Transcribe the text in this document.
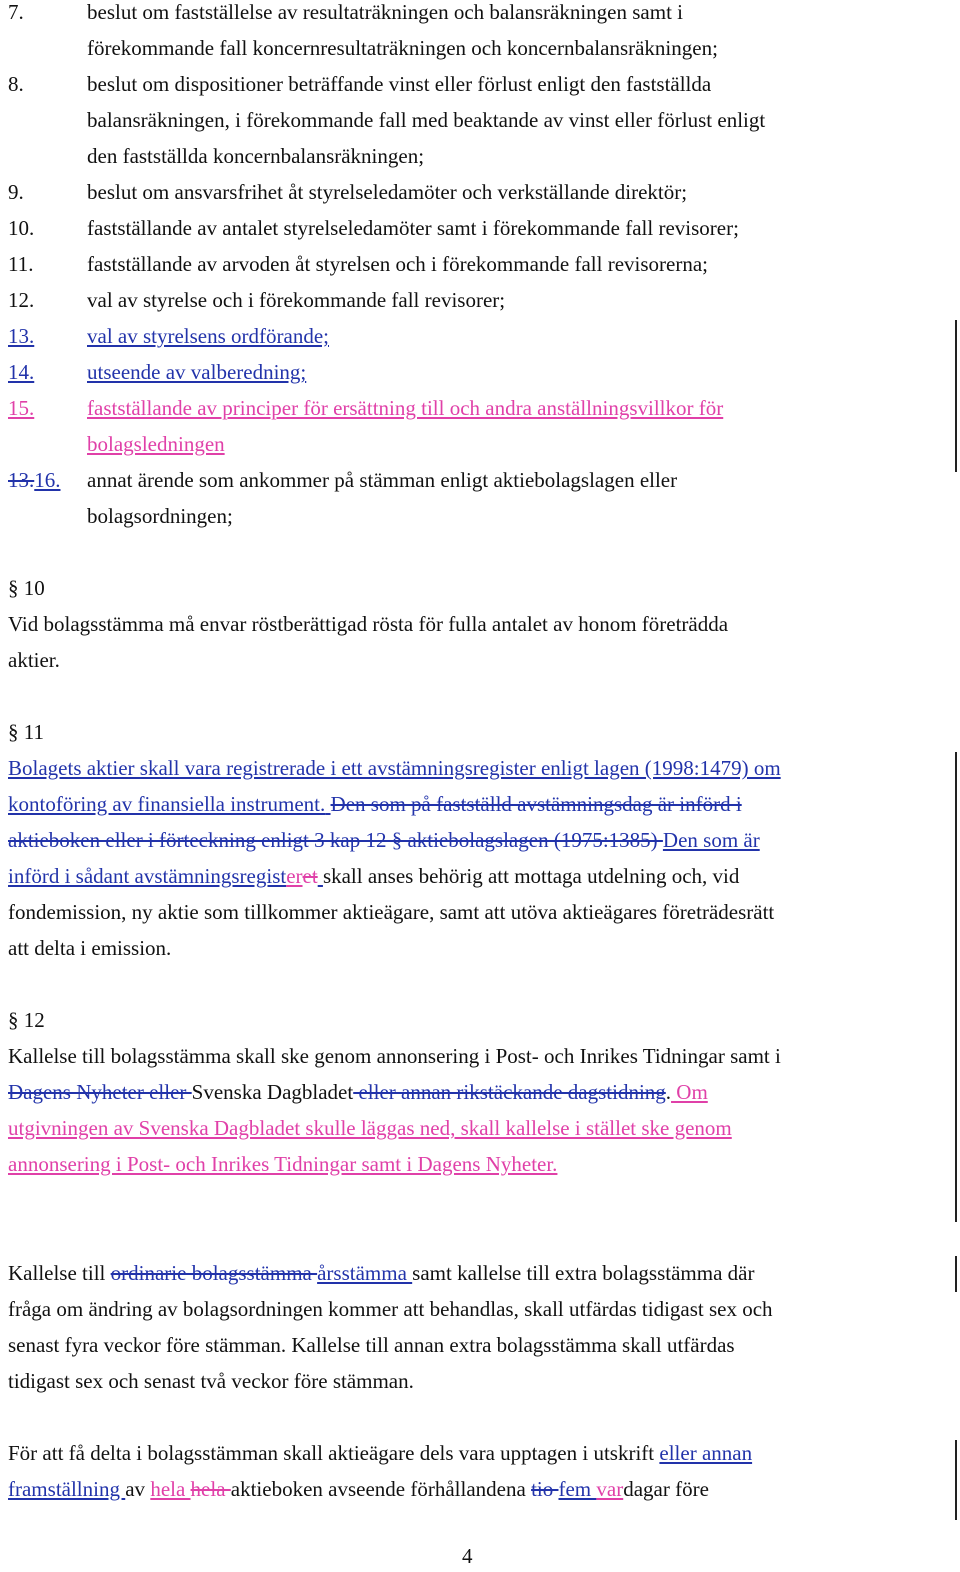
7.	beslut om fastställelse av resultaträkningen och balansräkningen samt i
förekommande fall koncernresultaträkningen och koncernbalansräkningen;
8.	beslut om dispositioner beträffande vinst eller förlust enligt den fastställda
balansräkningen, i förekommande fall med beaktande av vinst eller förlust enligt
den fastställda koncernbalansräkningen;
9.	beslut om ansvarsfrihet åt styrelseledamöter och verkställande direktör;
10.	fastställande av antalet styrelseledamöter samt i förekommande fall revisorer;
11.	fastställande av arvoden åt styrelsen och i förekommande fall revisorerna;
12.	val av styrelse och i förekommande fall revisorer;
13.	val av styrelsens ordförande;
14.	utseende av valberedning;
15.	fastställande av principer för ersättning till och andra anställningsvillkor för
bolagsledningen
13.16. annat ärende som ankommer på stämman enligt aktiebolagslagen eller
bolagsordningen;
§ 10
Vid bolagsstämma må envar röstberättigad rösta för fulla antalet av honom företrädda
aktier.
§ 11
Bolagets aktier skall vara registrerade i ett avstämningsregister enligt lagen (1998:1479) om
kontoföring av finansiella instrument. Den som på fastställd avstämningsdag är införd i
aktieboken eller i förteckning enligt 3 kap 12 § aktiebolagslagen (1975:1385) Den som är
införd i sådant avstämningsregisteret skall anses behörig att mottaga utdelning och, vid
fondemission, ny aktie som tillkommer aktieägare, samt att utöva aktieägares företrädesrätt
att delta i emission.
§ 12
Kallelse till bolagsstämma skall ske genom annonsering i Post- och Inrikes Tidningar samt i
Dagens Nyheter eller Svenska Dagbladet eller annan rikstäckande dagstidning. Om
utgivningen av Svenska Dagbladet skulle läggas ned, skall kallelse i stället ske genom
annonsering i Post- och Inrikes Tidningar samt i Dagens Nyheter.
Kallelse till ordinarie bolagsstämma årsstämma samt kallelse till extra bolagsstämma där
fråga om ändring av bolagsordningen kommer att behandlas, skall utfärdas tidigast sex och
senast fyra veckor före stämman. Kallelse till annan extra bolagsstämma skall utfärdas
tidigast sex och senast två veckor före stämman.
För att få delta i bolagsstämman skall aktieägare dels vara upptagen i utskrift eller annan
framställning av hela hela aktieboken avseende förhållandena tio fem vardagar före
4
